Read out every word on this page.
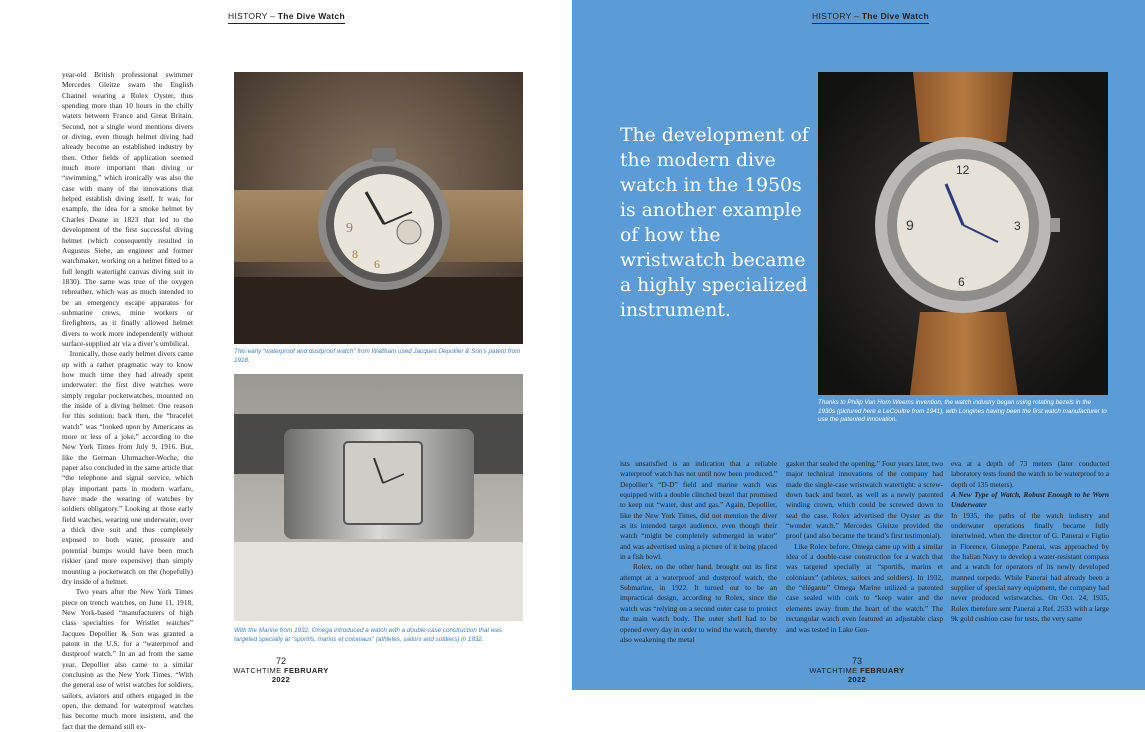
HISTORY – The Dive Watch
year-old British professional swimmer Mercedes Gleitze swam the English Channel wearing a Rolex Oyster, thus spending more than 10 hours in the chilly waters between France and Great Britain. Second, not a single word mentions divers or diving, even though helmet diving had already become an established industry by then. Other fields of application seemed much more important than diving or “swimming,” which ironically was also the case with many of the innovations that helped establish diving itself. It was, for example, the idea for a smoke helmet by Charles Deane in 1823 that led to the development of the first successful diving helmet (which consequently resulted in Augustus Siebe, an engineer and former watchmaker, working on a helmet fitted to a full length watertight canvas diving suit in 1830). The same was true of the oxygen rebreather, which was as much intended to be an emergency escape apparatus for submarine crews, mine workers or firefighters, as it finally allowed helmet divers to work more independently without surface-supplied air via a diver’s umbilical.
Ironically, those early helmet divers came up with a rather pragmatic way to know how much time they had already spent underwater: the first dive watches were simply regular pocketwatches, mounted on the inside of a diving helmet. One reason for this solution: back then, the “bracelet watch” was “looked upon by Americans as more or less of a joke,” according to the New York Times from July 9, 1916. But, like the German Uhrmacher-Woche, the paper also concluded in the same article that “the telephone and signal service, which play important parts in modern warfare, have made the wearing of watches by soldiers obligatory.” Looking at those early field watches, wearing one underwater, over a thick dive suit and thus completely exposed to both water, pressure and potential bumps would have been much riskier (and more expensive) than simply mounting a pocketwatch on the (hopefully) dry inside of a helmet.
Two years after the New York Times piece on trench watches, on June 11, 1918, New York-based “manufacturers of high class specialties for Wristlet watches” Jacques Depollier & Son was granted a patent in the U.S. for a “waterproof and dustproof watch.” In an ad from the same year, Depollier also came to a similar conclusion as the New York Times. “With the general use of wrist watches for soldiers, sailors, aviators and others engaged in the open, the demand for waterproof watches has become much more insistent, and the fact that the demand still ex-
9
8
6
This early “waterproof and dustproof watch” from Waltham used Jacques Depollier & Son’s patent from 1918.
With the Marine from 1932, Omega introduced a watch with a double-case construction that was targeted specially at “sportifs, marins et coloniaux” (athletes, sailors and soldiers) in 1932.
72
WATCHTIME FEBRUARY 2022
HISTORY – The Dive Watch
The development of the modern dive watch in the 1950s is another example of how the wristwatch became a highly specialized instrument.
9
12
6
3
Thanks to Philip Van Horn Weems invention, the watch industry began using rotating bezels in the 1930s (pictured here a LeCoultre from 1941), with Longines having been the first watch manufacturer to use the patented innovation.
ists unsatisfied is an indication that a reliable waterproof watch has not until now been produced.” Depollier’s “D-D” field and marine watch was equipped with a double clinched bezel that promised to keep out “water, dust and gas.” Again, Depollier, like the New York Times, did not mention the diver as its intended target audience, even though their watch “might be completely submerged in water” and was advertised using a picture of it being placed in a fish bowl.
Rolex, on the other hand, brought out its first attempt at a waterproof and dustproof watch, the Submarine, in 1922. It turned out to be an impractical design, according to Rolex, since the watch was “relying on a second outer case to protect the main watch body. The outer shell had to be opened every day in order to wind the watch, thereby also weakening the metal
gasket that sealed the opening.” Four years later, two major technical innovations of the company had made the single-case wristwatch watertight: a screw-down back and bezel, as well as a newly patented winding crown, which could be screwed down to seal the case. Rolex advertised the Oyster as the “wonder watch.” Mercedes Gleitze provided the proof (and also became the brand’s first testimonial).
Like Rolex before, Omega came up with a similar idea of a double-case construction for a watch that was targeted specially at “sportifs, marins et coloniaux” (athletes, sailors and soldiers). In 1932, the “élégante” Omega Marine utilized a patented case sealed with cork to “keep water and the elements away from the heart of the watch.” The rectangular watch even featured an adjustable clasp and was tested in Lake Gen-
eva at a depth of 73 meters (later conducted laboratory tests found the watch to be waterproof to a depth of 135 meters).
A New Type of Watch, Robust Enough to be Worn Underwater
In 1935, the paths of the watch industry and underwater operations finally became fully intertwined, when the director of G. Panerai e Figlio in Florence, Giuseppe Panerai, was approached by the Italian Navy to develop a water-resistant compass and a watch for operators of its newly developed manned torpedo. While Panerai had already been a supplier of special navy equipment, the company had never produced wristwatches. On Oct. 24, 1935, Rolex therefore sent Panerai a Ref. 2533 with a large 9k gold cushion case for tests, the very same
73
WATCHTIME FEBRUARY 2022
